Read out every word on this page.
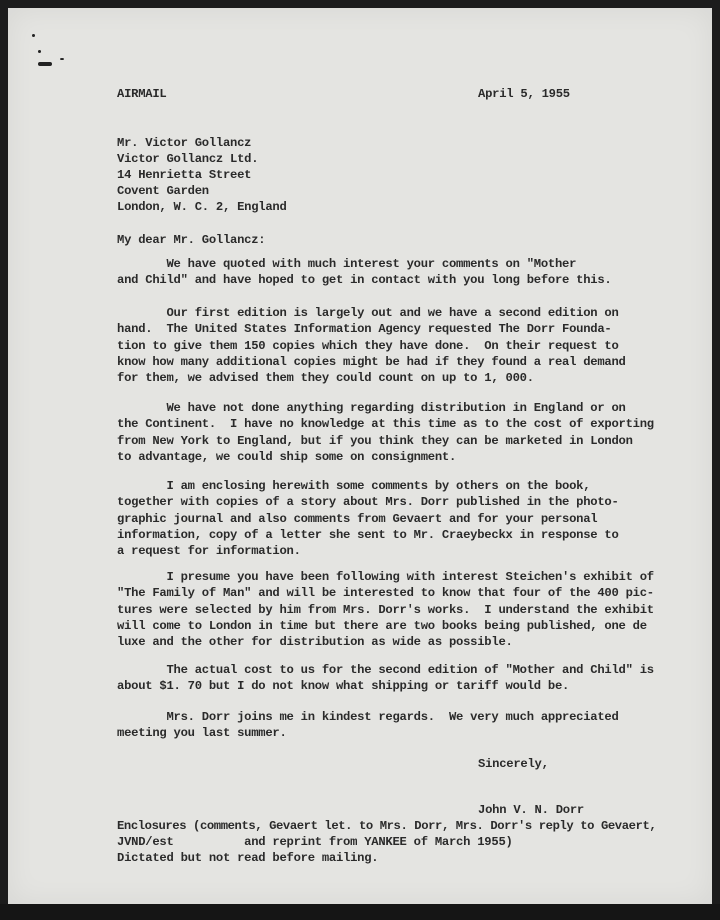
AIRMAIL	April 5, 1955

Mr. Victor Gollancz

Victor Gollancz Ltd.

14 Henrietta Street

Covent Garden

London, W. C. 2, England

My dear Mr. Gollancz:

We have quoted with much interest your comments on "Mother
and Child" and have hoped to get in contact with you long before this.

Our first edition is largely out and we have a second edition on
hand.  The United States Information Agency requested The Dorr Founda-
tion to give them 150 copies which they have done.  On their request to
know how many additional copies might be had if they found a real demand
for them, we advised them they could count on up to 1, 000.

We have not done anything regarding distribution in England or on
the Continent.  I have no knowledge at this time as to the cost of exporting
from New York to England, but if you think they can be marketed in London
to advantage, we could ship some on consignment.

I am enclosing herewith some comments by others on the book,
together with copies of a story about Mrs. Dorr published in the photo-
graphic journal and also comments from Gevaert and for your personal
information, copy of a letter she sent to Mr. Craeybeckx in response to
a request for information.

I presume you have been following with interest Steichen's exhibit of
"The Family of Man" and will be interested to know that four of the 400 pic-
tures were selected by him from Mrs. Dorr's works.  I understand the exhibit
will come to London in time but there are two books being published, one de
luxe and the other for distribution as wide as possible.

The actual cost to us for the second edition of "Mother and Child" is
about $1. 70 but I do not know what shipping or tariff would be.

Mrs. Dorr joins me in kindest regards.  We very much appreciated
meeting you last summer.

Sincerely,

John V. N. Dorr

Enclosures (comments, Gevaert let. to Mrs. Dorr, Mrs. Dorr's reply to Gevaert,

JVND/est          and reprint from YANKEE of March 1955)

Dictated but not read before mailing.
